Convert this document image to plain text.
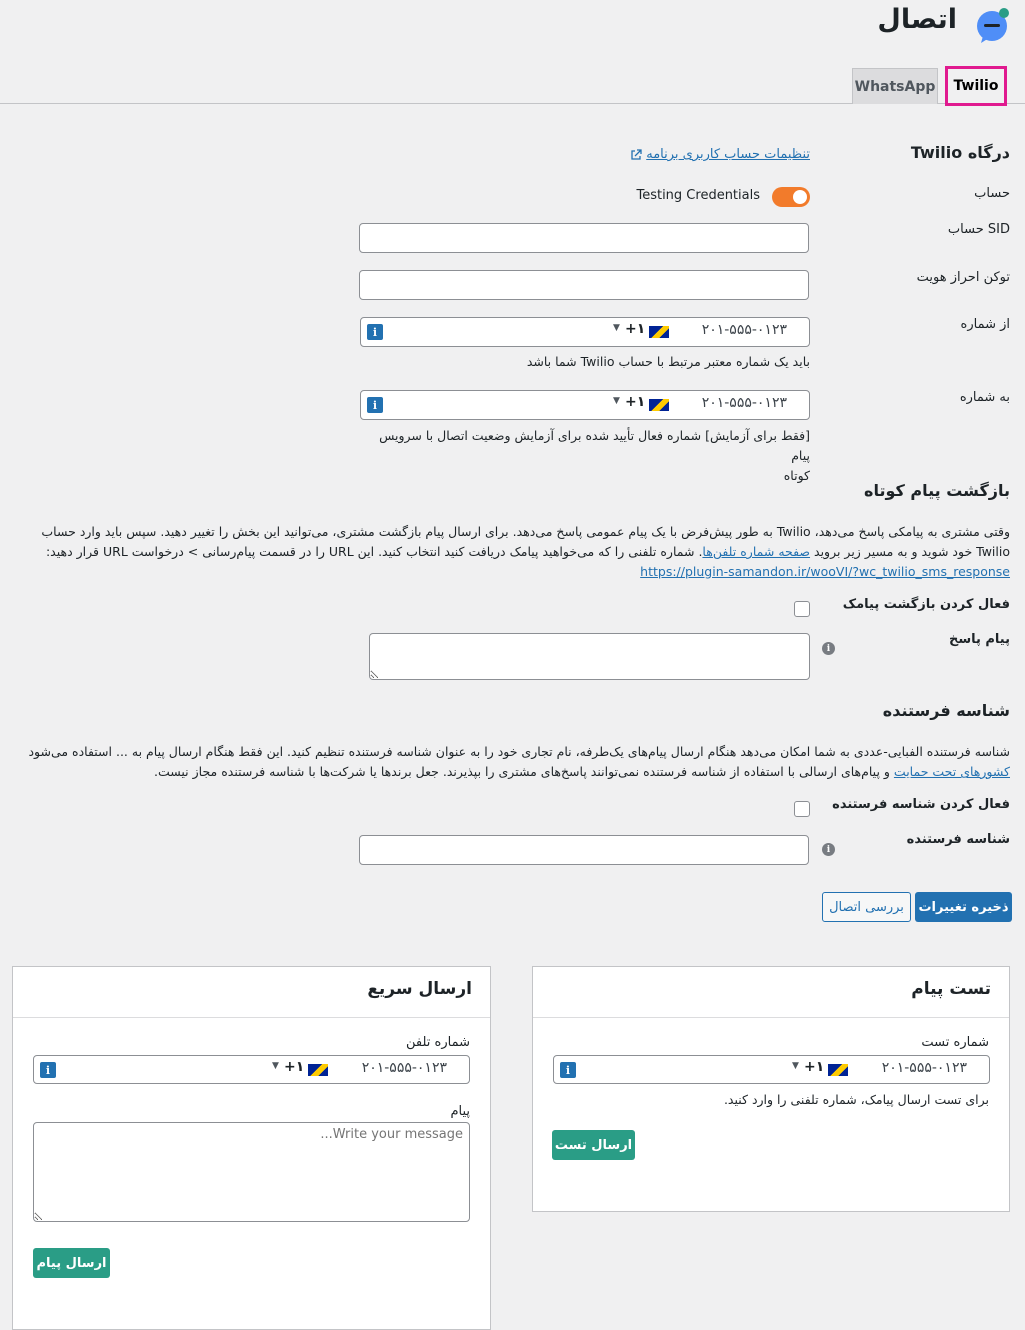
اتصال
WhatsApp	Twilio
درگاه Twilio
تنظیمات حساب کاربری برنامه
حساب
Testing Credentials
SID حساب
توکن احراز هویت
از شماره
i	▼ +۱	۲۰۱-۵۵۵-۰۱۲۳
باید یک شماره معتبر مرتبط با حساب Twilio شما باشد
به شماره
i	▼ +۱	۲۰۱-۵۵۵-۰۱۲۳
[فقط برای آزمایش] شماره فعال تأیید شده برای آزمایش وضعیت اتصال با سرویس پیام
کوتاه
بازگشت پیام کوتاه
وقتی مشتری به پیامکی پاسخ می‌دهد، Twilio به طور پیش‌فرض با یک پیام عمومی پاسخ می‌دهد. برای ارسال پیام بازگشت مشتری، می‌توانید این بخش را تغییر دهید. سپس باید وارد حساب
Twilio خود شوید و به مسیر زیر بروید صفحه شماره تلفن‌ها. شماره تلفنی را که می‌خواهید پیامک دریافت کنید انتخاب کنید. این URL را در قسمت پیام‌رسانی > درخواست URL قرار دهید:
https://plugin-samandon.ir/wooVI/?wc_twilio_sms_response
فعال کردن بازگشت پیامک
پیام پاسخ
i
شناسه فرستنده
شناسه فرستنده الفبایی-عددی به شما امکان می‌دهد هنگام ارسال پیام‌های یک‌طرفه، نام تجاری خود را به عنوان شناسه فرستنده تنظیم کنید. این فقط هنگام ارسال پیام به ... استفاده می‌شود
کشورهای تحت حمایت و پیام‌های ارسالی با استفاده از شناسه فرستنده نمی‌توانند پاسخ‌های مشتری را بپذیرند. جعل برندها یا شرکت‌ها با شناسه فرستنده مجاز نیست.
فعال کردن شناسه فرستنده
شناسه فرستنده
i
ذخیره تغییرات
بررسی اتصال
تست پیام
شماره تست
i	▼ +۱	۲۰۱-۵۵۵-۰۱۲۳
برای تست ارسال پیامک، شماره تلفنی را وارد کنید.
ارسال تست
ارسال سریع
شماره تلفن
i	▼ +۱	۲۰۱-۵۵۵-۰۱۲۳
پیام
Write your message...
ارسال پیام
